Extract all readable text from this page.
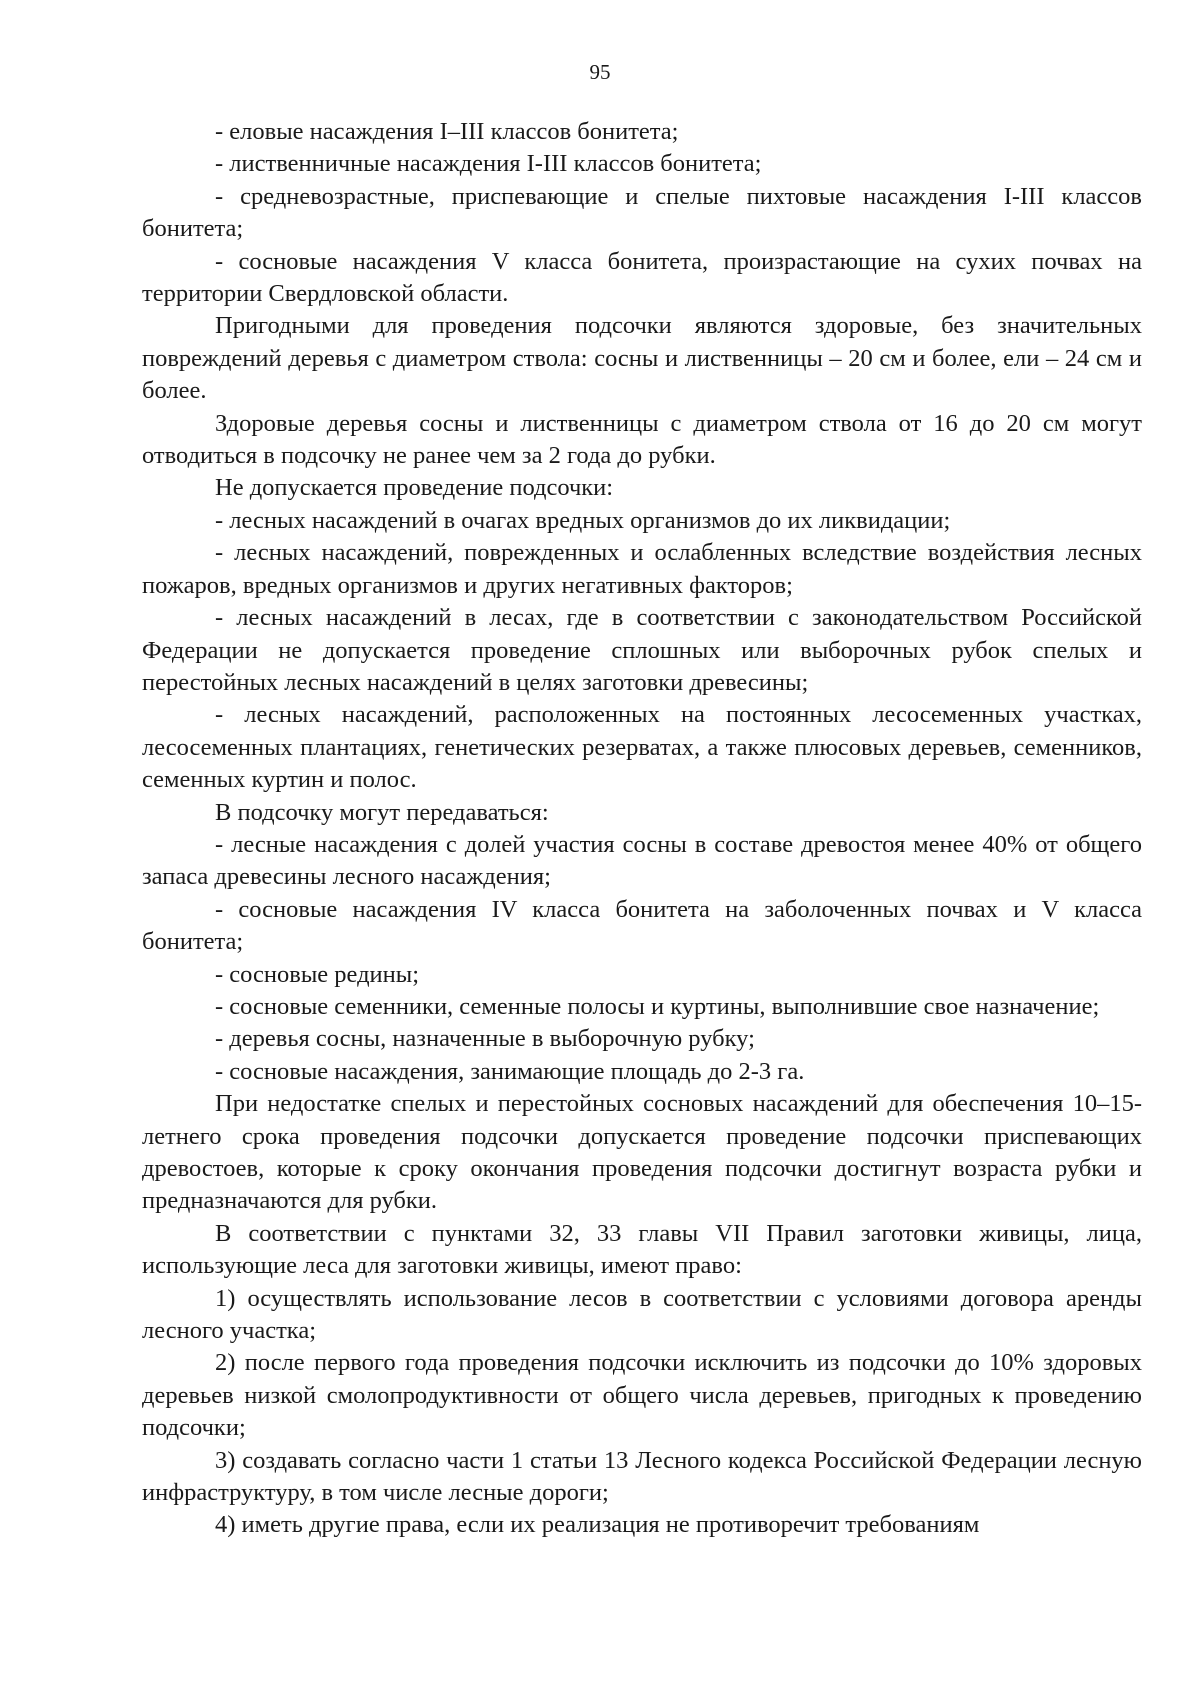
95

- еловые насаждения I–III классов бонитета;

- лиственничные насаждения I-III классов бонитета;

- средневозрастные, приспевающие и спелые пихтовые насаждения I-III классов бонитета;

- сосновые насаждения V класса бонитета, произрастающие на сухих почвах на территории Свердловской области.

Пригодными для проведения подсочки являются здоровые, без значительных повреждений деревья с диаметром ствола: сосны и лиственницы – 20 см и более, ели – 24 см и более.

Здоровые деревья сосны и лиственницы с диаметром ствола от 16 до 20 см могут отводиться в подсочку не ранее чем за 2 года до рубки.

Не допускается проведение подсочки:

- лесных насаждений в очагах вредных организмов до их ликвидации;

- лесных насаждений, поврежденных и ослабленных вследствие воздействия лесных пожаров, вредных организмов и других негативных факторов;

- лесных насаждений в лесах, где в соответствии с законодательством Российской Федерации не допускается проведение сплошных или выборочных рубок спелых и перестойных лесных насаждений в целях заготовки древесины;

- лесных насаждений, расположенных на постоянных лесосеменных участках, лесосеменных плантациях, генетических резерватах, а также плюсовых деревьев, семенников, семенных куртин и полос.

В подсочку могут передаваться:

- лесные насаждения с долей участия сосны в составе древостоя менее 40% от общего запаса древесины лесного насаждения;

- сосновые насаждения IV класса бонитета на заболоченных почвах и V класса бонитета;

- сосновые редины;

- сосновые семенники, семенные полосы и куртины, выполнившие свое назначение;

- деревья сосны, назначенные в выборочную рубку;

- сосновые насаждения, занимающие площадь до 2-3 га.

При недостатке спелых и перестойных сосновых насаждений для обеспечения 10–15-летнего срока проведения подсочки допускается проведение подсочки приспевающих древостоев, которые к сроку окончания проведения подсочки достигнут возраста рубки и предназначаются для рубки.

В соответствии с пунктами 32, 33 главы VII Правил заготовки живицы, лица, использующие леса для заготовки живицы, имеют право:

1) осуществлять использование лесов в соответствии с условиями договора аренды лесного участка;

2) после первого года проведения подсочки исключить из подсочки до 10% здоровых деревьев низкой смолопродуктивности от общего числа деревьев, пригодных к проведению подсочки;

3) создавать согласно части 1 статьи 13 Лесного кодекса Российской Федерации лесную инфраструктуру, в том числе лесные дороги;

4) иметь другие права, если их реализация не противоречит требованиям
